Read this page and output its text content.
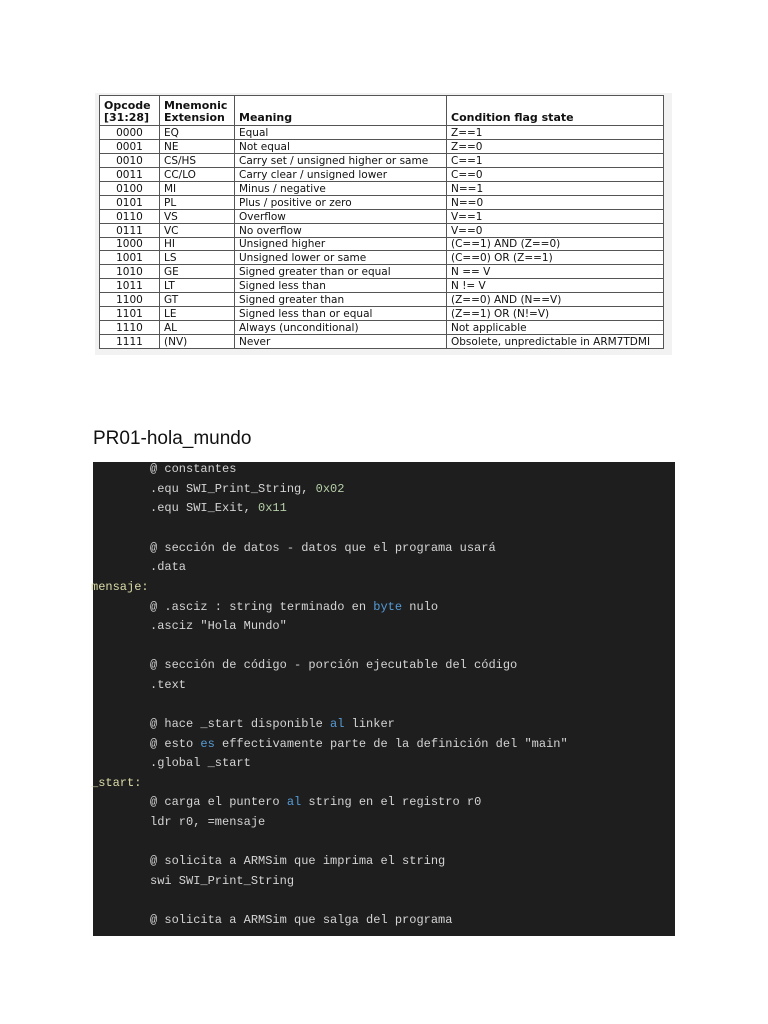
Opcode [31:28]	Mnemonic Extension	Meaning	Condition flag state
0000	EQ	Equal	Z==1
0001	NE	Not equal	Z==0
0010	CS/HS	Carry set / unsigned higher or same	C==1
0011	CC/LO	Carry clear / unsigned lower	C==0
0100	MI	Minus / negative	N==1
0101	PL	Plus / positive or zero	N==0
0110	VS	Overflow	V==1
0111	VC	No overflow	V==0
1000	HI	Unsigned higher	(C==1) AND (Z==0)
1001	LS	Unsigned lower or same	(C==0) OR (Z==1)
1010	GE	Signed greater than or equal	N == V
1011	LT	Signed less than	N != V
1100	GT	Signed greater than	(Z==0) AND (N==V)
1101	LE	Signed less than or equal	(Z==1) OR (N!=V)
1110	AL	Always (unconditional)	Not applicable
1111	(NV)	Never	Obsolete, unpredictable in ARM7TDMI
PR01-hola_mundo
@ constantes
.equ SWI_Print_String, 0x02
.equ SWI_Exit, 0x11
@ sección de datos - datos que el programa usará
.data
mensaje:
@ .asciz : string terminado en byte nulo
.asciz "Hola Mundo"
@ sección de código - porción ejecutable del código
.text
@ hace _start disponible al linker
@ esto es effectivamente parte de la definición del "main"
.global _start
_start:
@ carga el puntero al string en el registro r0
ldr r0, =mensaje
@ solicita a ARMSim que imprima el string
swi SWI_Print_String
@ solicita a ARMSim que salga del programa
